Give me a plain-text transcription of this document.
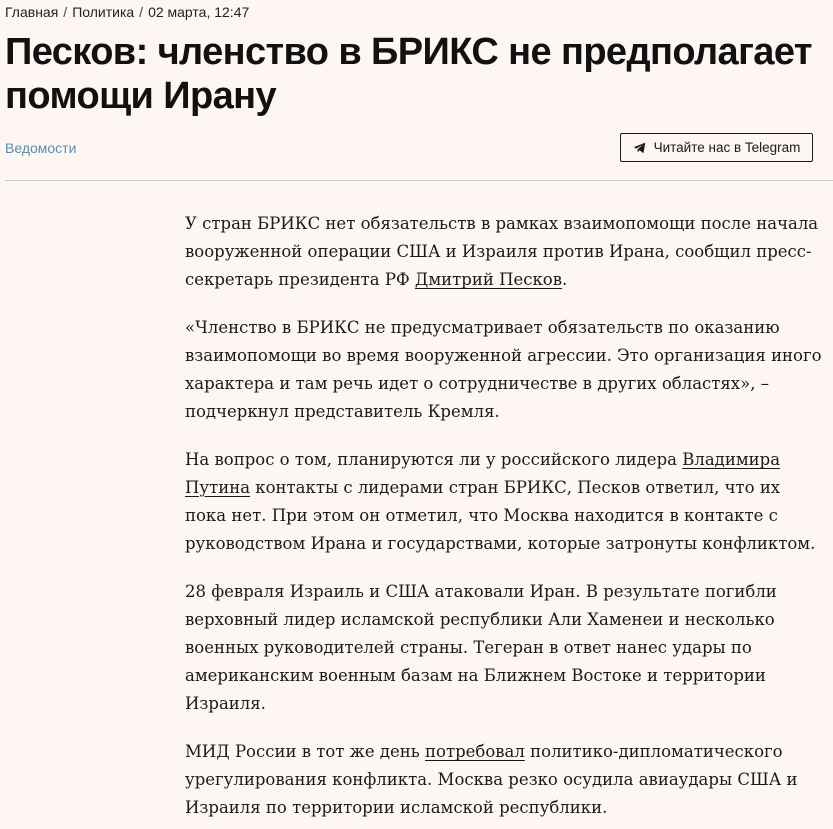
Главная / Политика / 02 марта, 12:47
Песков: членство в БРИКС не предполагает помощи Ирану
Ведомости	Читайте нас в Telegram

У стран БРИКС нет обязательств в рамках взаимопомощи после начала вооруженной операции США и Израиля против Ирана, сообщил пресс-секретарь президента РФ Дмитрий Песков.

«Членство в БРИКС не предусматривает обязательств по оказанию взаимопомощи во время вооруженной агрессии. Это организация иного характера и там речь идет о сотрудничестве в других областях», – подчеркнул представитель Кремля.

На вопрос о том, планируются ли у российского лидера Владимира Путина контакты с лидерами стран БРИКС, Песков ответил, что их пока нет. При этом он отметил, что Москва находится в контакте с руководством Ирана и государствами, которые затронуты конфликтом.

28 февраля Израиль и США атаковали Иран. В результате погибли верховный лидер исламской республики Али Хаменеи и несколько военных руководителей страны. Тегеран в ответ нанес удары по американским военным базам на Ближнем Востоке и территории Израиля.

МИД России в тот же день потребовал политико-дипломатического урегулирования конфликта. Москва резко осудила авиаудары США и Израиля по территории исламской республики.
